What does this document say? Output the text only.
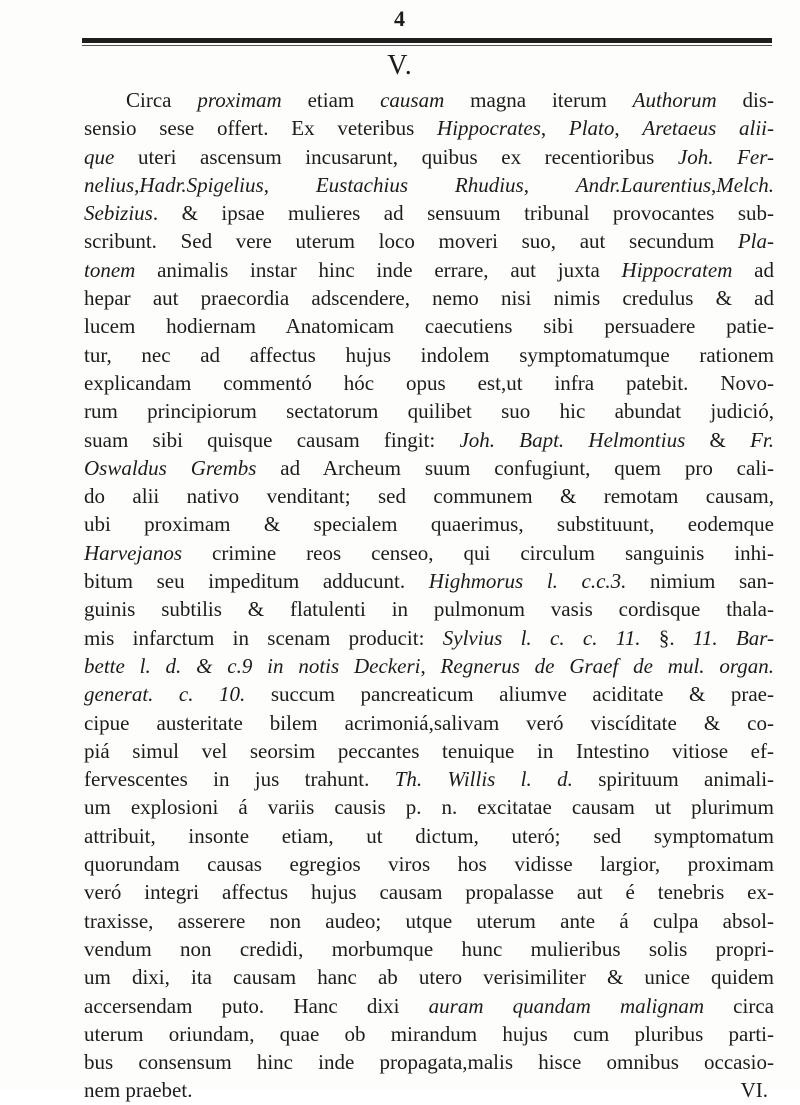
4
V.
Circa proximam etiam causam magna iterum Authorum dis-
sensio sese offert. Ex veteribus Hippocrates, Plato, Aretaeus alii-
que uteri ascensum incusarunt, quibus ex recentioribus Joh. Fer-
nelius,Hadr.Spigelius, Eustachius Rhudius, Andr.Laurentius,Melch.
Sebizius. & ipsae mulieres ad sensuum tribunal provocantes sub-
scribunt. Sed vere uterum loco moveri suo, aut secundum Pla-
tonem animalis instar hinc inde errare, aut juxta Hippocratem ad
hepar aut praecordia adscendere, nemo nisi nimis credulus & ad
lucem hodiernam Anatomicam caecutiens sibi persuadere patie-
tur, nec ad affectus hujus indolem symptomatumque rationem
explicandam commentó hóc opus est,ut infra patebit. Novo-
rum principiorum sectatorum quilibet suo hic abundat judició,
suam sibi quisque causam fingit: Joh. Bapt. Helmontius & Fr.
Oswaldus Grembs ad Archeum suum confugiunt, quem pro cali-
do alii nativo venditant; sed communem & remotam causam,
ubi proximam & specialem quaerimus, substituunt, eodemque
Harvejanos crimine reos censeo, qui circulum sanguinis inhi-
bitum seu impeditum adducunt. Highmorus l. c.c.3. nimium san-
guinis subtilis & flatulenti in pulmonum vasis cordisque thala-
mis infarctum in scenam producit: Sylvius l. c. c. 11. §. 11. Bar-
bette l. d. & c.9 in notis Deckeri, Regnerus de Graef de mul. organ.
generat. c. 10. succum pancreaticum aliumve aciditate & prae-
cipue austeritate bilem acrimoniá,salivam veró viscíditate & co-
piá simul vel seorsim peccantes tenuique in Intestino vitiose ef-
fervescentes in jus trahunt. Th. Willis l. d. spirituum animali-
um explosioni á variis causis p. n. excitatae causam ut plurimum
attribuit, insonte etiam, ut dictum, uteró; sed symptomatum
quorundam causas egregios viros hos vidisse largior, proximam
veró integri affectus hujus causam propalasse aut é tenebris ex-
traxisse, asserere non audeo; utque uterum ante á culpa absol-
vendum non credidi, morbumque hunc mulieribus solis propri-
um dixi, ita causam hanc ab utero verisimiliter & unice quidem
accersendam puto. Hanc dixi auram quandam malignam circa
uterum oriundam, quae ob mirandum hujus cum pluribus parti-
bus consensum hinc inde propagata,malis hisce omnibus occasio-
nem praebet.	VI.
